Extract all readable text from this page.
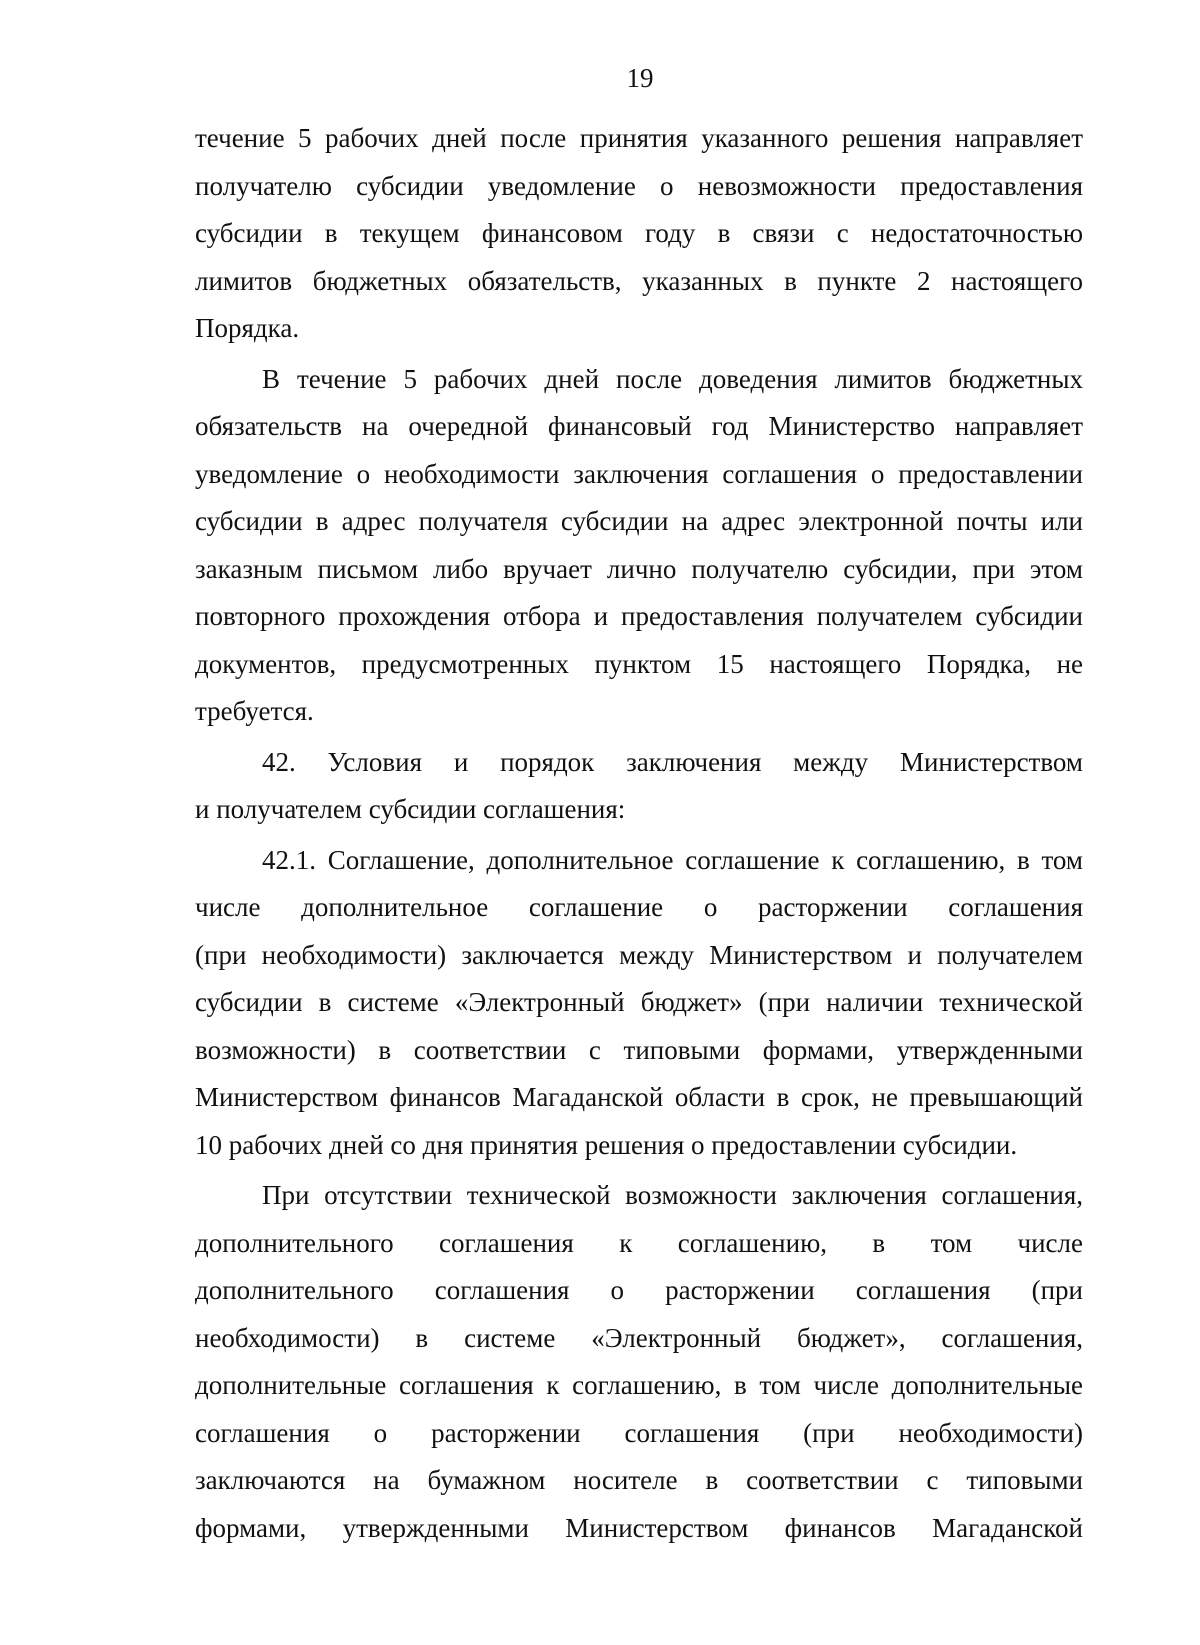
19
течение 5 рабочих дней после принятия указанного решения направляет
получателю субсидии уведомление о невозможности предоставления
субсидии в текущем финансовом году в связи с недостаточностью
лимитов бюджетных обязательств, указанных в пункте 2 настоящего
Порядка.
В течение 5 рабочих дней после доведения лимитов бюджетных
обязательств на очередной финансовый год Министерство направляет
уведомление о необходимости заключения соглашения о предоставлении
субсидии в адрес получателя субсидии на адрес электронной почты или
заказным письмом либо вручает лично получателю субсидии, при этом
повторного прохождения отбора и предоставления получателем субсидии
документов, предусмотренных пунктом 15 настоящего Порядка, не
требуется.
42. Условия и порядок заключения между Министерством
и получателем субсидии соглашения:
42.1. Соглашение, дополнительное соглашение к соглашению, в том
числе дополнительное соглашение о расторжении соглашения
(при необходимости) заключается между Министерством и получателем
субсидии в системе «Электронный бюджет» (при наличии технической
возможности) в соответствии с типовыми формами, утвержденными
Министерством финансов Магаданской области в срок, не превышающий
10 рабочих дней со дня принятия решения о предоставлении субсидии.
При отсутствии технической возможности заключения соглашения,
дополнительного соглашения к соглашению, в том числе
дополнительного соглашения о расторжении соглашения (при
необходимости) в системе «Электронный бюджет», соглашения,
дополнительные соглашения к соглашению, в том числе дополнительные
соглашения о расторжении соглашения (при необходимости)
заключаются на бумажном носителе в соответствии с типовыми
формами, утвержденными Министерством финансов Магаданской
